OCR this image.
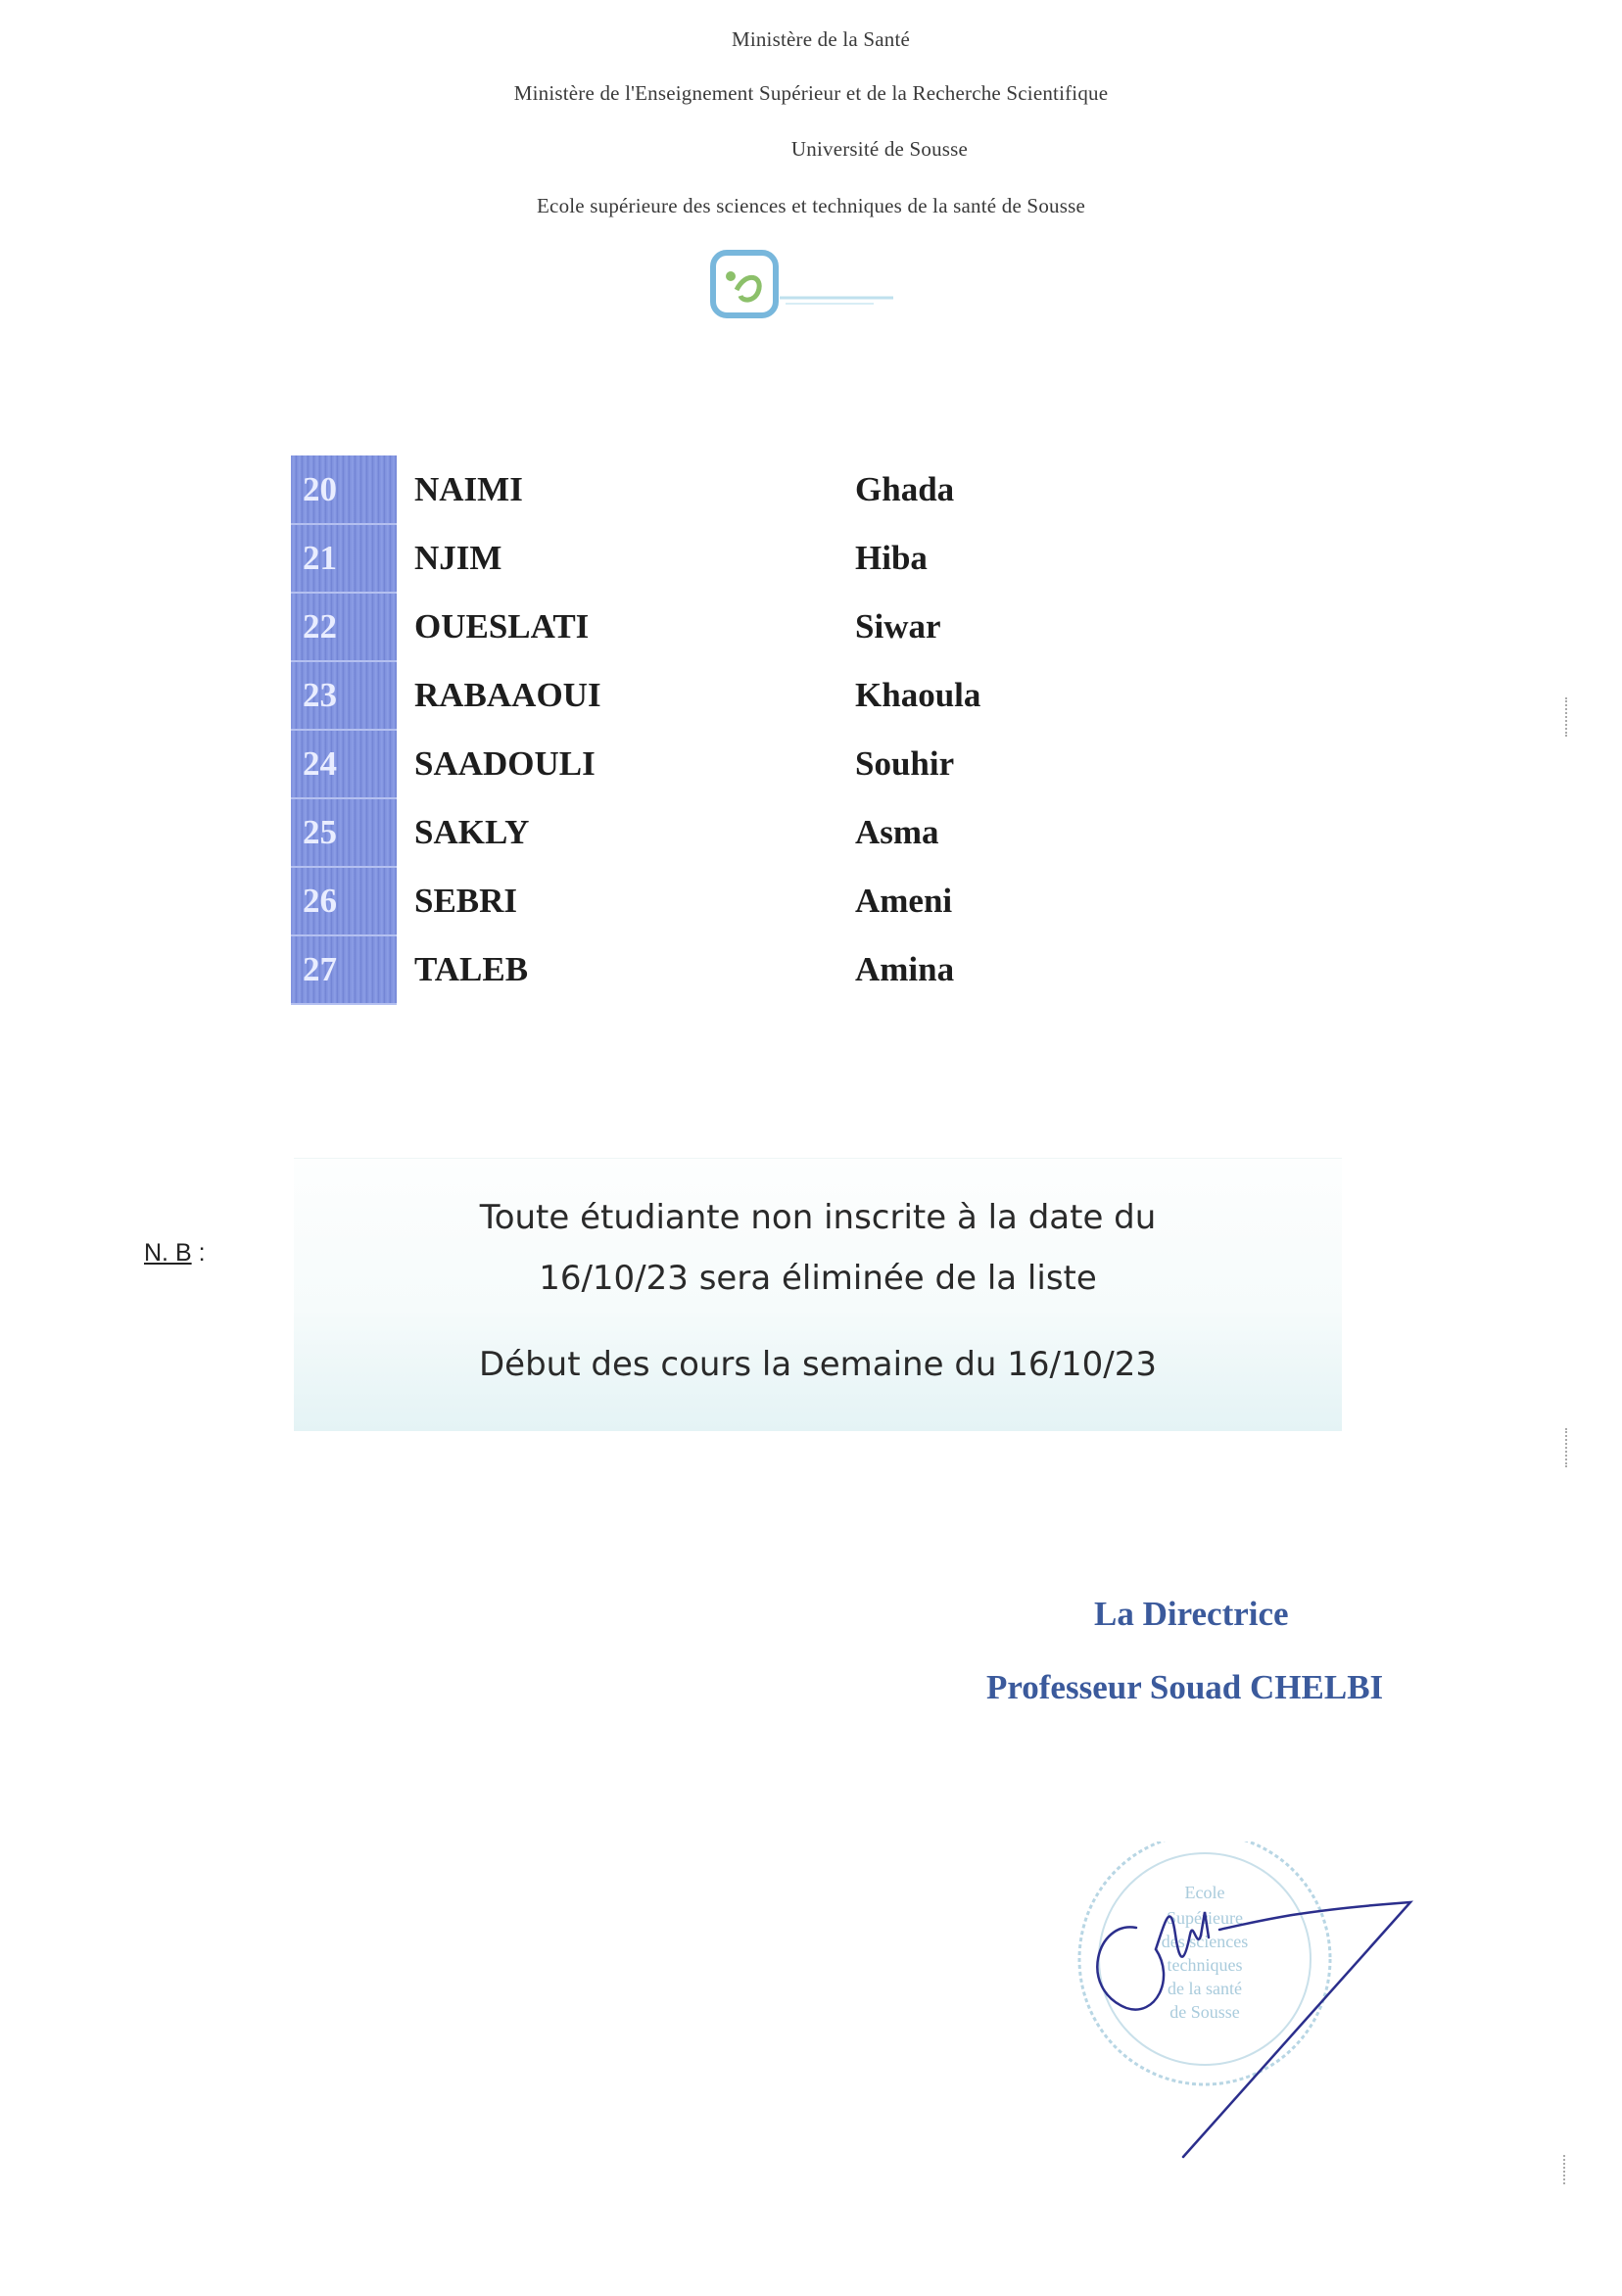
Ministère de la Santé
Ministère de l'Enseignement Supérieur et de la Recherche Scientifique
Université de Sousse
Ecole supérieure des sciences et techniques de la santé de Sousse
20	NAIMI	Ghada
21	NJIM	Hiba
22	OUESLATI	Siwar
23	RABAAOUI	Khaoula
24	SAADOULI	Souhir
25	SAKLY	Asma
26	SEBRI	Ameni
27	TALEB	Amina
N. B :
Toute étudiante non inscrite à la date du
16/10/23 sera éliminée de la liste
Début des cours la semaine du 16/10/23
La Directrice
Professeur Souad CHELBI
Ecole
Supérieure
des sciences
techniques
de la santé
de Sousse
